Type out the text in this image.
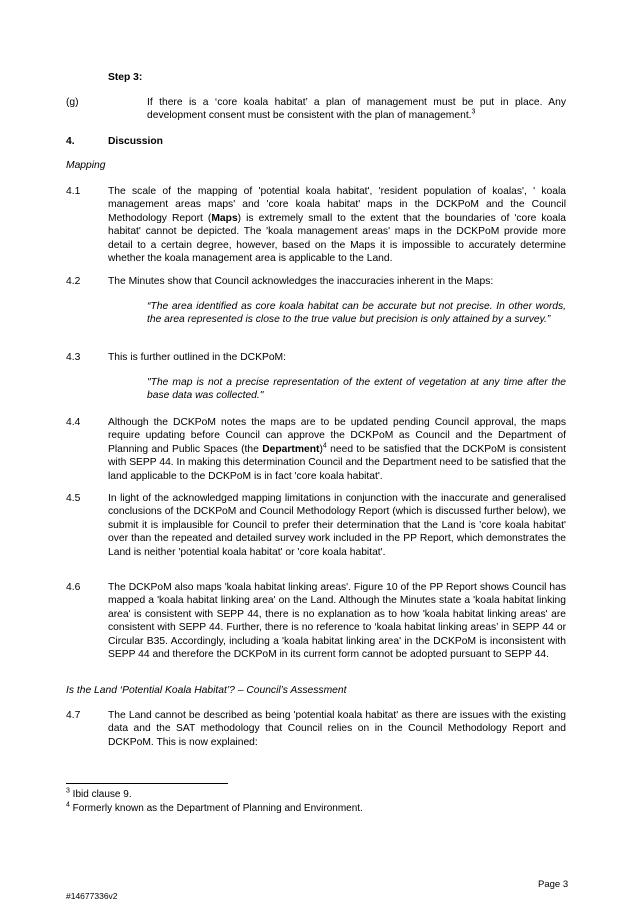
Step 3:
(g)	If there is a ‘core koala habitat’ a plan of management must be put in place. Any development consent must be consistent with the plan of management.$^3$
4.	Discussion
Mapping
4.1	The scale of the mapping of 'potential koala habitat', 'resident population of koalas', ' koala management areas maps' and 'core koala habitat' maps in the DCKPoM and the Council Methodology Report (Maps) is extremely small to the extent that the boundaries of 'core koala habitat' cannot be depicted. The 'koala management areas' maps in the DCKPoM provide more detail to a certain degree, however, based on the Maps it is impossible to accurately determine whether the koala management area is applicable to the Land.
4.2	The Minutes show that Council acknowledges the inaccuracies inherent in the Maps:
“The area identified as core koala habitat can be accurate but not precise. In other words, the area represented is close to the true value but precision is only attained by a survey.”
4.3	This is further outlined in the DCKPoM:
"The map is not a precise representation of the extent of vegetation at any time after the base data was collected."
4.4	Although the DCKPoM notes the maps are to be updated pending Council approval, the maps require updating before Council can approve the DCKPoM as Council and the Department of Planning and Public Spaces (the Department)$^4$ need to be satisfied that the DCKPoM is consistent with SEPP 44. In making this determination Council and the Department need to be satisfied that the land applicable to the DCKPoM is in fact 'core koala habitat'.
4.5	In light of the acknowledged mapping limitations in conjunction with the inaccurate and generalised conclusions of the DCKPoM and Council Methodology Report (which is discussed further below), we submit it is implausible for Council to prefer their determination that the Land is 'core koala habitat' over than the repeated and detailed survey work included in the PP Report, which demonstrates the Land is neither 'potential koala habitat' or 'core koala habitat'.
4.6	The DCKPoM also maps 'koala habitat linking areas'. Figure 10 of the PP Report shows Council has mapped a 'koala habitat linking area' on the Land. Although the Minutes state a 'koala habitat linking area' is consistent with SEPP 44, there is no explanation as to how 'koala habitat linking areas' are consistent with SEPP 44. Further, there is no reference to ‘koala habitat linking areas’ in SEPP 44 or Circular B35. Accordingly, including a 'koala habitat linking area' in the DCKPoM is inconsistent with SEPP 44 and therefore the DCKPoM in its current form cannot be adopted pursuant to SEPP 44.
Is the Land ‘Potential Koala Habitat’? – Council’s Assessment
4.7	The Land cannot be described as being 'potential koala habitat' as there are issues with the existing data and the SAT methodology that Council relies on in the Council Methodology Report and DCKPoM. This is now explained:
$^3$ Ibid clause 9.
$^4$ Formerly known as the Department of Planning and Environment.
Page 3
#14677336v2
